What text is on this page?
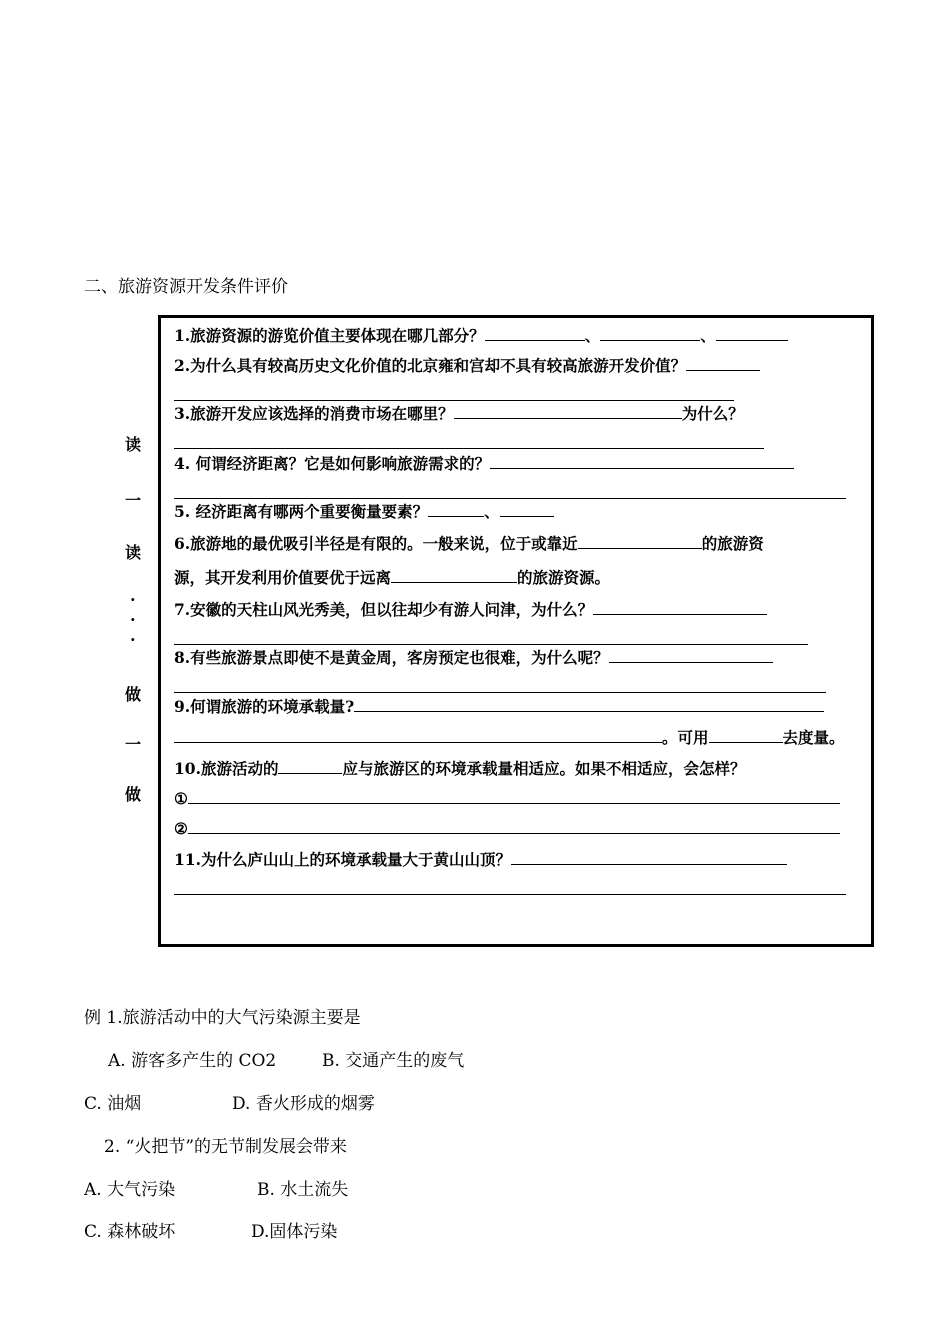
二、旅游资源开发条件评价
读
一
读
·
·
·
做
一
做
1.旅游资源的游览价值主要体现在哪几部分？	、	、
2.为什么具有较高历史文化价值的北京雍和宫却不具有较高旅游开发价值？
3.旅游开发应该选择的消费市场在哪里？	为什么？
4. 何谓经济距离？它是如何影响旅游需求的？
5. 经济距离有哪两个重要衡量要素？	、
6.旅游地的最优吸引半径是有限的。一般来说，位于或靠近	的旅游资
源，其开发利用价值要优于远离	的旅游资源。
7.安徽的天柱山风光秀美，但以往却少有游人问津，为什么？
8.有些旅游景点即使不是黄金周，客房预定也很难，为什么呢？
9.何谓旅游的环境承载量?
。可用	去度量。
10.旅游活动的	应与旅游区的环境承载量相适应。如果不相适应，会怎样？
①
②
11.为什么庐山山上的环境承载量大于黄山山顶？
例 1.旅游活动中的大气污染源主要是
A. 游客多产生的 CO2	B. 交通产生的废气
C. 油烟	D. 香火形成的烟雾
2. “火把节”的无节制发展会带来
A. 大气污染	B. 水土流失
C. 森林破坏	D.固体污染
